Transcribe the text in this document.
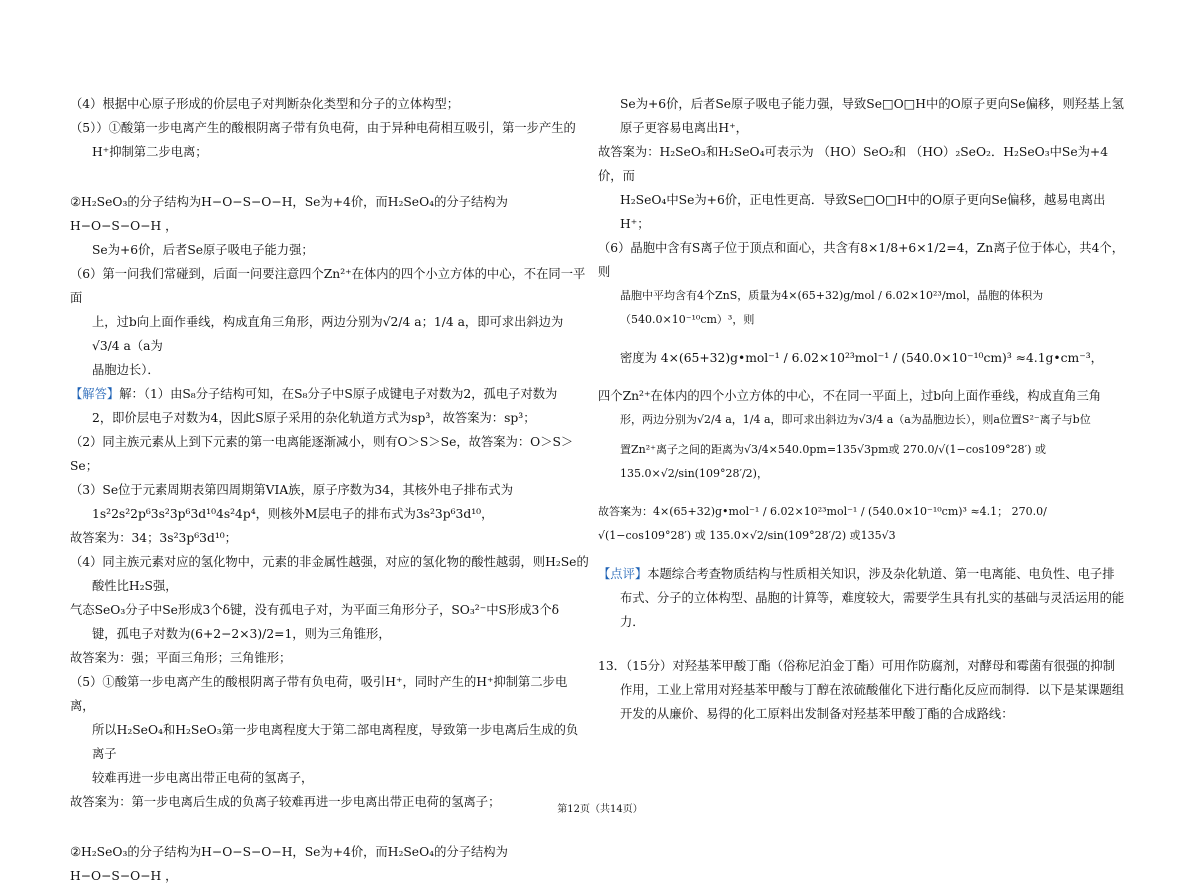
（4）根据中心原子形成的价层电子对判断杂化类型和分子的立体构型；

（5））①酸第一步电离产生的酸根阴离子带有负电荷，由于异种电荷相互吸引，第一步产生的

H⁺抑制第二步电离；

②H₂SeO₃的分子结构为H−O−S−O−H，Se为+4价，而H₂SeO₄的分子结构为 H−O−S−O−H ，

Se为+6价，后者Se原子吸电子能力强；

（6）第一问我们常碰到，后面一问要注意四个Zn²⁺在体内的四个小立方体的中心，不在同一平面

上，过b向上面作垂线，构成直角三角形，两边分别为√2/4 a；1/4 a，即可求出斜边为√3/4 a（a为

晶胞边长）．

【解答】解：（1）由S₈分子结构可知，在S₈分子中S原子成键电子对数为2，孤电子对数为

2，即价层电子对数为4，因此S原子采用的杂化轨道方式为sp³，故答案为：sp³；

（2）同主族元素从上到下元素的第一电离能逐渐减小，则有O＞S＞Se，故答案为：O＞S＞Se；

（3）Se位于元素周期表第四周期第VIA族，原子序数为34，其核外电子排布式为

1s²2s²2p⁶3s²3p⁶3d¹⁰4s²4p⁴，则核外M层电子的排布式为3s²3p⁶3d¹⁰，

故答案为：34；3s²3p⁶3d¹⁰；

（4）同主族元素对应的氢化物中，元素的非金属性越强，对应的氢化物的酸性越弱，则H₂Se的

酸性比H₂S强，

气态SeO₃分子中Se形成3个δ键，没有孤电子对，为平面三角形分子，SO₃²⁻中S形成3个δ

键，孤电子对数为(6+2−2×3)/2=1，则为三角锥形，

故答案为：强；平面三角形；三角锥形；

（5）①酸第一步电离产生的酸根阴离子带有负电荷，吸引H⁺，同时产生的H⁺抑制第二步电离，

所以H₂SeO₄和H₂SeO₃第一步电离程度大于第二部电离程度，导致第一步电离后生成的负离子

较难再进一步电离出带正电荷的氢离子，

故答案为：第一步电离后生成的负离子较难再进一步电离出带正电荷的氢离子；

②H₂SeO₃的分子结构为H−O−S−O−H，Se为+4价，而H₂SeO₄的分子结构为 H−O−S−O−H ，

Se为+6价，后者Se原子吸电子能力强，导致Se□O□H中的O原子更向Se偏移，则羟基上氢

原子更容易电离出H⁺，

故答案为：H₂SeO₃和H₂SeO₄可表示为 （HO）SeO₂和 （HO）₂SeO₂．H₂SeO₃中Se为+4价，而

H₂SeO₄中Se为+6价，正电性更高．导致Se□O□H中的O原子更向Se偏移，越易电离出

H⁺；

（6）晶胞中含有S离子位于顶点和面心，共含有8×1/8+6×1/2=4，Zn离子位于体心，共4个，则

晶胞中平均含有4个ZnS，质量为4×(65+32)g/mol / 6.02×10²³/mol，晶胞的体积为（540.0×10⁻¹⁰cm）³，则

密度为 4×(65+32)g•mol⁻¹ / 6.02×10²³mol⁻¹ / (540.0×10⁻¹⁰cm)³ ≈4.1g•cm⁻³，

四个Zn²⁺在体内的四个小立方体的中心，不在同一平面上，过b向上面作垂线，构成直角三角

形，两边分别为√2/4 a，1/4 a，即可求出斜边为√3/4 a（a为晶胞边长），则a位置S²⁻离子与b位

置Zn²⁺离子之间的距离为√3/4×540.0pm=135√3pm或 270.0/√(1−cos109°28′) 或 135.0×√2/sin(109°28′/2)，

故答案为：4×(65+32)g•mol⁻¹ / 6.02×10²³mol⁻¹ / (540.0×10⁻¹⁰cm)³ ≈4.1； 270.0/√(1−cos109°28′) 或 135.0×√2/sin(109°28′/2) 或135√3

【点评】本题综合考查物质结构与性质相关知识，涉及杂化轨道、第一电离能、电负性、电子排

布式、分子的立体构型、晶胞的计算等，难度较大，需要学生具有扎实的基础与灵活运用的能

力．

13．（15分）对羟基苯甲酸丁酯（俗称尼泊金丁酯）可用作防腐剂，对酵母和霉菌有很强的抑制

作用，工业上常用对羟基苯甲酸与丁醇在浓硫酸催化下进行酯化反应而制得．以下是某课题组

开发的从廉价、易得的化工原料出发制备对羟基苯甲酸丁酯的合成路线：

第12页（共14页）
